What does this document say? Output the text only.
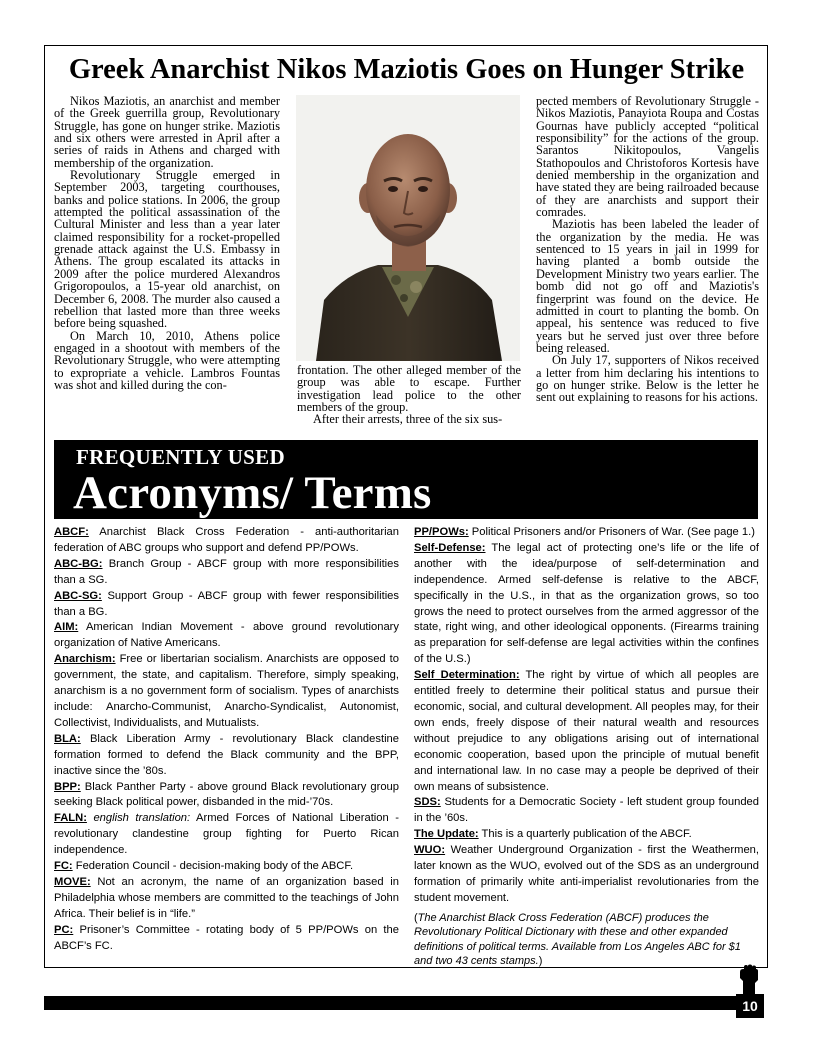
Greek Anarchist Nikos Maziotis Goes on Hunger Strike

Nikos Maziotis, an anarchist and member of the Greek guerrilla group, Revolutionary Struggle, has gone on hunger strike. Maziotis and six others were arrested in April after a series of raids in Athens and charged with membership of the organization.

Revolutionary Struggle emerged in September 2003, targeting courthouses, banks and police stations. In 2006, the group attempted the political assassination of the Cultural Minister and less than a year later claimed responsibility for a rocket-propelled grenade attack against the U.S. Embassy in Athens. The group escalated its attacks in 2009 after the police murdered Alexandros Grigoropoulos, a 15-year old anarchist, on December 6, 2008. The murder also caused a rebellion that lasted more than three weeks before being squashed.

On March 10, 2010, Athens police engaged in a shootout with members of the Revolutionary Struggle, who were attempting to expropriate a vehicle. Lambros Fountas was shot and killed during the con-

frontation. The other alleged member of the group was able to escape. Further investigation lead police to the other members of the group.

After their arrests, three of the six sus-

pected members of Revolutionary Struggle - Nikos Maziotis, Panayiota Roupa and Costas Gournas have publicly accepted “political responsibility” for the actions of the group. Sarantos Nikitopoulos, Vangelis Stathopoulos and Christoforos Kortesis have denied membership in the organization and have stated they are being railroaded because of they are anarchists and support their comrades.

Maziotis has been labeled the leader of the organization by the media. He was sentenced to 15 years in jail in 1999 for having planted a bomb outside the Development Ministry two years earlier. The bomb did not go off and Maziotis's fingerprint was found on the device. He admitted in court to planting the bomb. On appeal, his sentence was reduced to five years but he served just over three before being released.

On July 17, supporters of Nikos received a letter from him declaring his intentions to go on hunger strike. Below is the letter he sent out explaining to reasons for his actions.

FREQUENTLY USED
Acronyms/ Terms
ABCF: Anarchist Black Cross Federation - anti-authoritarian federation of ABC groups who support and defend PP/POWs.
ABC-BG: Branch Group - ABCF group with more responsibilities than a SG.
ABC-SG: Support Group - ABCF group with fewer responsibilities than a BG.
AIM: American Indian Movement - above ground revolutionary organization of Native Americans.
Anarchism: Free or libertarian socialism. Anarchists are opposed to government, the state, and capitalism. Therefore, simply speaking, anarchism is a no government form of socialism. Types of anarchists include: Anarcho-Communist, Anarcho-Syndicalist, Autonomist, Collectivist, Individualists, and Mutualists.
BLA: Black Liberation Army - revolutionary Black clandestine formation formed to defend the Black community and the BPP, inactive since the ’80s.
BPP: Black Panther Party - above ground Black revolutionary group seeking Black political power, disbanded in the mid-’70s.
FALN: english translation: Armed Forces of National Liberation - revolutionary clandestine group fighting for Puerto Rican independence.
FC: Federation Council - decision-making body of the ABCF.
MOVE: Not an acronym, the name of an organization based in Philadelphia whose members are committed to the teachings of John Africa. Their belief is in “life.”
PC: Prisoner’s Committee - rotating body of 5 PP/POWs on the ABCF’s FC.
PP/POWs: Political Prisoners and/or Prisoners of War. (See page 1.)
Self-Defense: The legal act of protecting one’s life or the life of another with the idea/purpose of self-determination and independence. Armed self-defense is relative to the ABCF, specifically in the U.S., in that as the organization grows, so too grows the need to protect ourselves from the armed aggressor of the state, right wing, and other ideological opponents. (Firearms training as preparation for self-defense are legal activities within the confines of the U.S.)
Self Determination: The right by virtue of which all peoples are entitled freely to determine their political status and pursue their economic, social, and cultural development. All peoples may, for their own ends, freely dispose of their natural wealth and resources without prejudice to any obligations arising out of international economic cooperation, based upon the principle of mutual benefit and international law. In no case may a people be deprived of their own means of subsistence.
SDS: Students for a Democratic Society - left student group founded in the ’60s.
The Update: This is a quarterly publication of the ABCF.
WUO: Weather Underground Organization - first the Weathermen, later known as the WUO, evolved out of the SDS as an underground formation of primarily white anti-imperialist revolutionaries from the student movement.
(The Anarchist Black Cross Federation (ABCF) produces the Revolutionary Political Dictionary with these and other expanded definitions of political terms. Available from Los Angeles ABC for $1 and two 43 cents stamps.)
10
